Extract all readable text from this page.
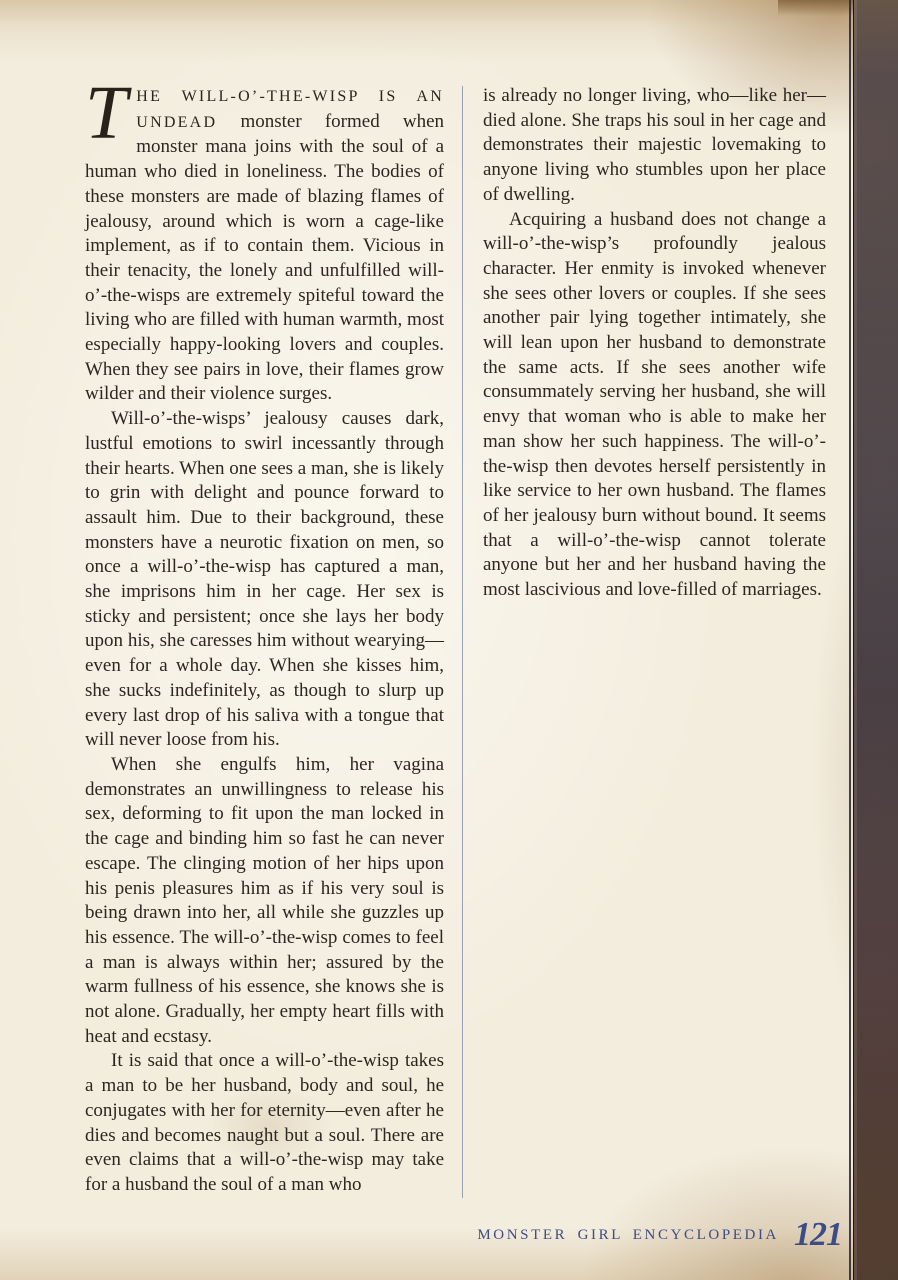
T HE WILL-O’-THE-WISP IS AN UNDEAD monster formed when monster mana joins with the soul of a human who died in loneliness. The bodies of these monsters are made of blazing flames of jealousy, around which is worn a cage-like implement, as if to contain them. Vicious in their tenacity, the lonely and unfulfilled will-o’-the-wisps are extremely spiteful toward the living who are filled with human warmth, most especially happy-looking lovers and couples. When they see pairs in love, their flames grow wilder and their violence surges.

Will-o’-the-wisps’ jealousy causes dark, lustful emotions to swirl incessantly through their hearts. When one sees a man, she is likely to grin with delight and pounce forward to assault him. Due to their background, these monsters have a neurotic fixation on men, so once a will-o’-the-wisp has captured a man, she imprisons him in her cage. Her sex is sticky and persistent; once she lays her body upon his, she caresses him without wearying—even for a whole day. When she kisses him, she sucks indefinitely, as though to slurp up every last drop of his saliva with a tongue that will never loose from his.

When she engulfs him, her vagina demonstrates an unwillingness to release his sex, deforming to fit upon the man locked in the cage and binding him so fast he can never escape. The clinging motion of her hips upon his penis pleasures him as if his very soul is being drawn into her, all while she guzzles up his essence. The will-o’-the-wisp comes to feel a man is always within her; assured by the warm fullness of his essence, she knows she is not alone. Gradually, her empty heart fills with heat and ecstasy.

It is said that once a will-o’-the-wisp takes a man to be her husband, body and soul, he conjugates with her for eternity—even after he dies and becomes naught but a soul. There are even claims that a will-o’-the-wisp may take for a husband the soul of a man who

is already no longer living, who—like her—died alone. She traps his soul in her cage and demonstrates their majestic lovemaking to anyone living who stumbles upon her place of dwelling.

Acquiring a husband does not change a will-o’-the-wisp’s profoundly jealous character. Her enmity is invoked whenever she sees other lovers or couples. If she sees another pair lying together intimately, she will lean upon her husband to demonstrate the same acts. If she sees another wife consummately serving her husband, she will envy that woman who is able to make her man show her such happiness. The will-o’-the-wisp then devotes herself persistently in like service to her own husband. The flames of her jealousy burn without bound. It seems that a will-o’-the-wisp cannot tolerate anyone but her and her husband having the most lascivious and love-filled of marriages.

MONSTER GIRL ENCYCLOPEDIA 121
